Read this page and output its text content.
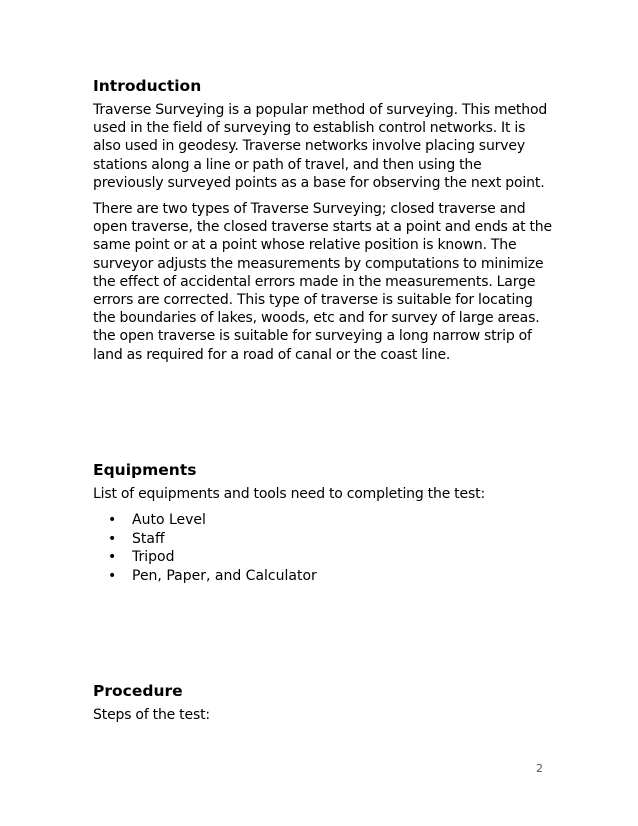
Introduction

Traverse Surveying is a popular method of surveying. This method used in the field of surveying to establish control networks. It is also used in geodesy. Traverse networks involve placing survey stations along a line or path of travel, and then using the previously surveyed points as a base for observing the next point.

There are two types of Traverse Surveying; closed traverse and open traverse, the closed traverse starts at a point and ends at the same point or at a point whose relative position is known. The surveyor adjusts the measurements by computations to minimize the effect of accidental errors made in the measurements. Large errors are corrected. This type of traverse is suitable for locating the boundaries of lakes, woods, etc and for survey of large areas. the open traverse is suitable for surveying a long narrow strip of land as required for a road of canal or the coast line.

Equipments

List of equipments and tools need to completing the test:

• Auto Level
• Staff
• Tripod
• Pen, Paper, and Calculator
Procedure

Steps of the test:

2
